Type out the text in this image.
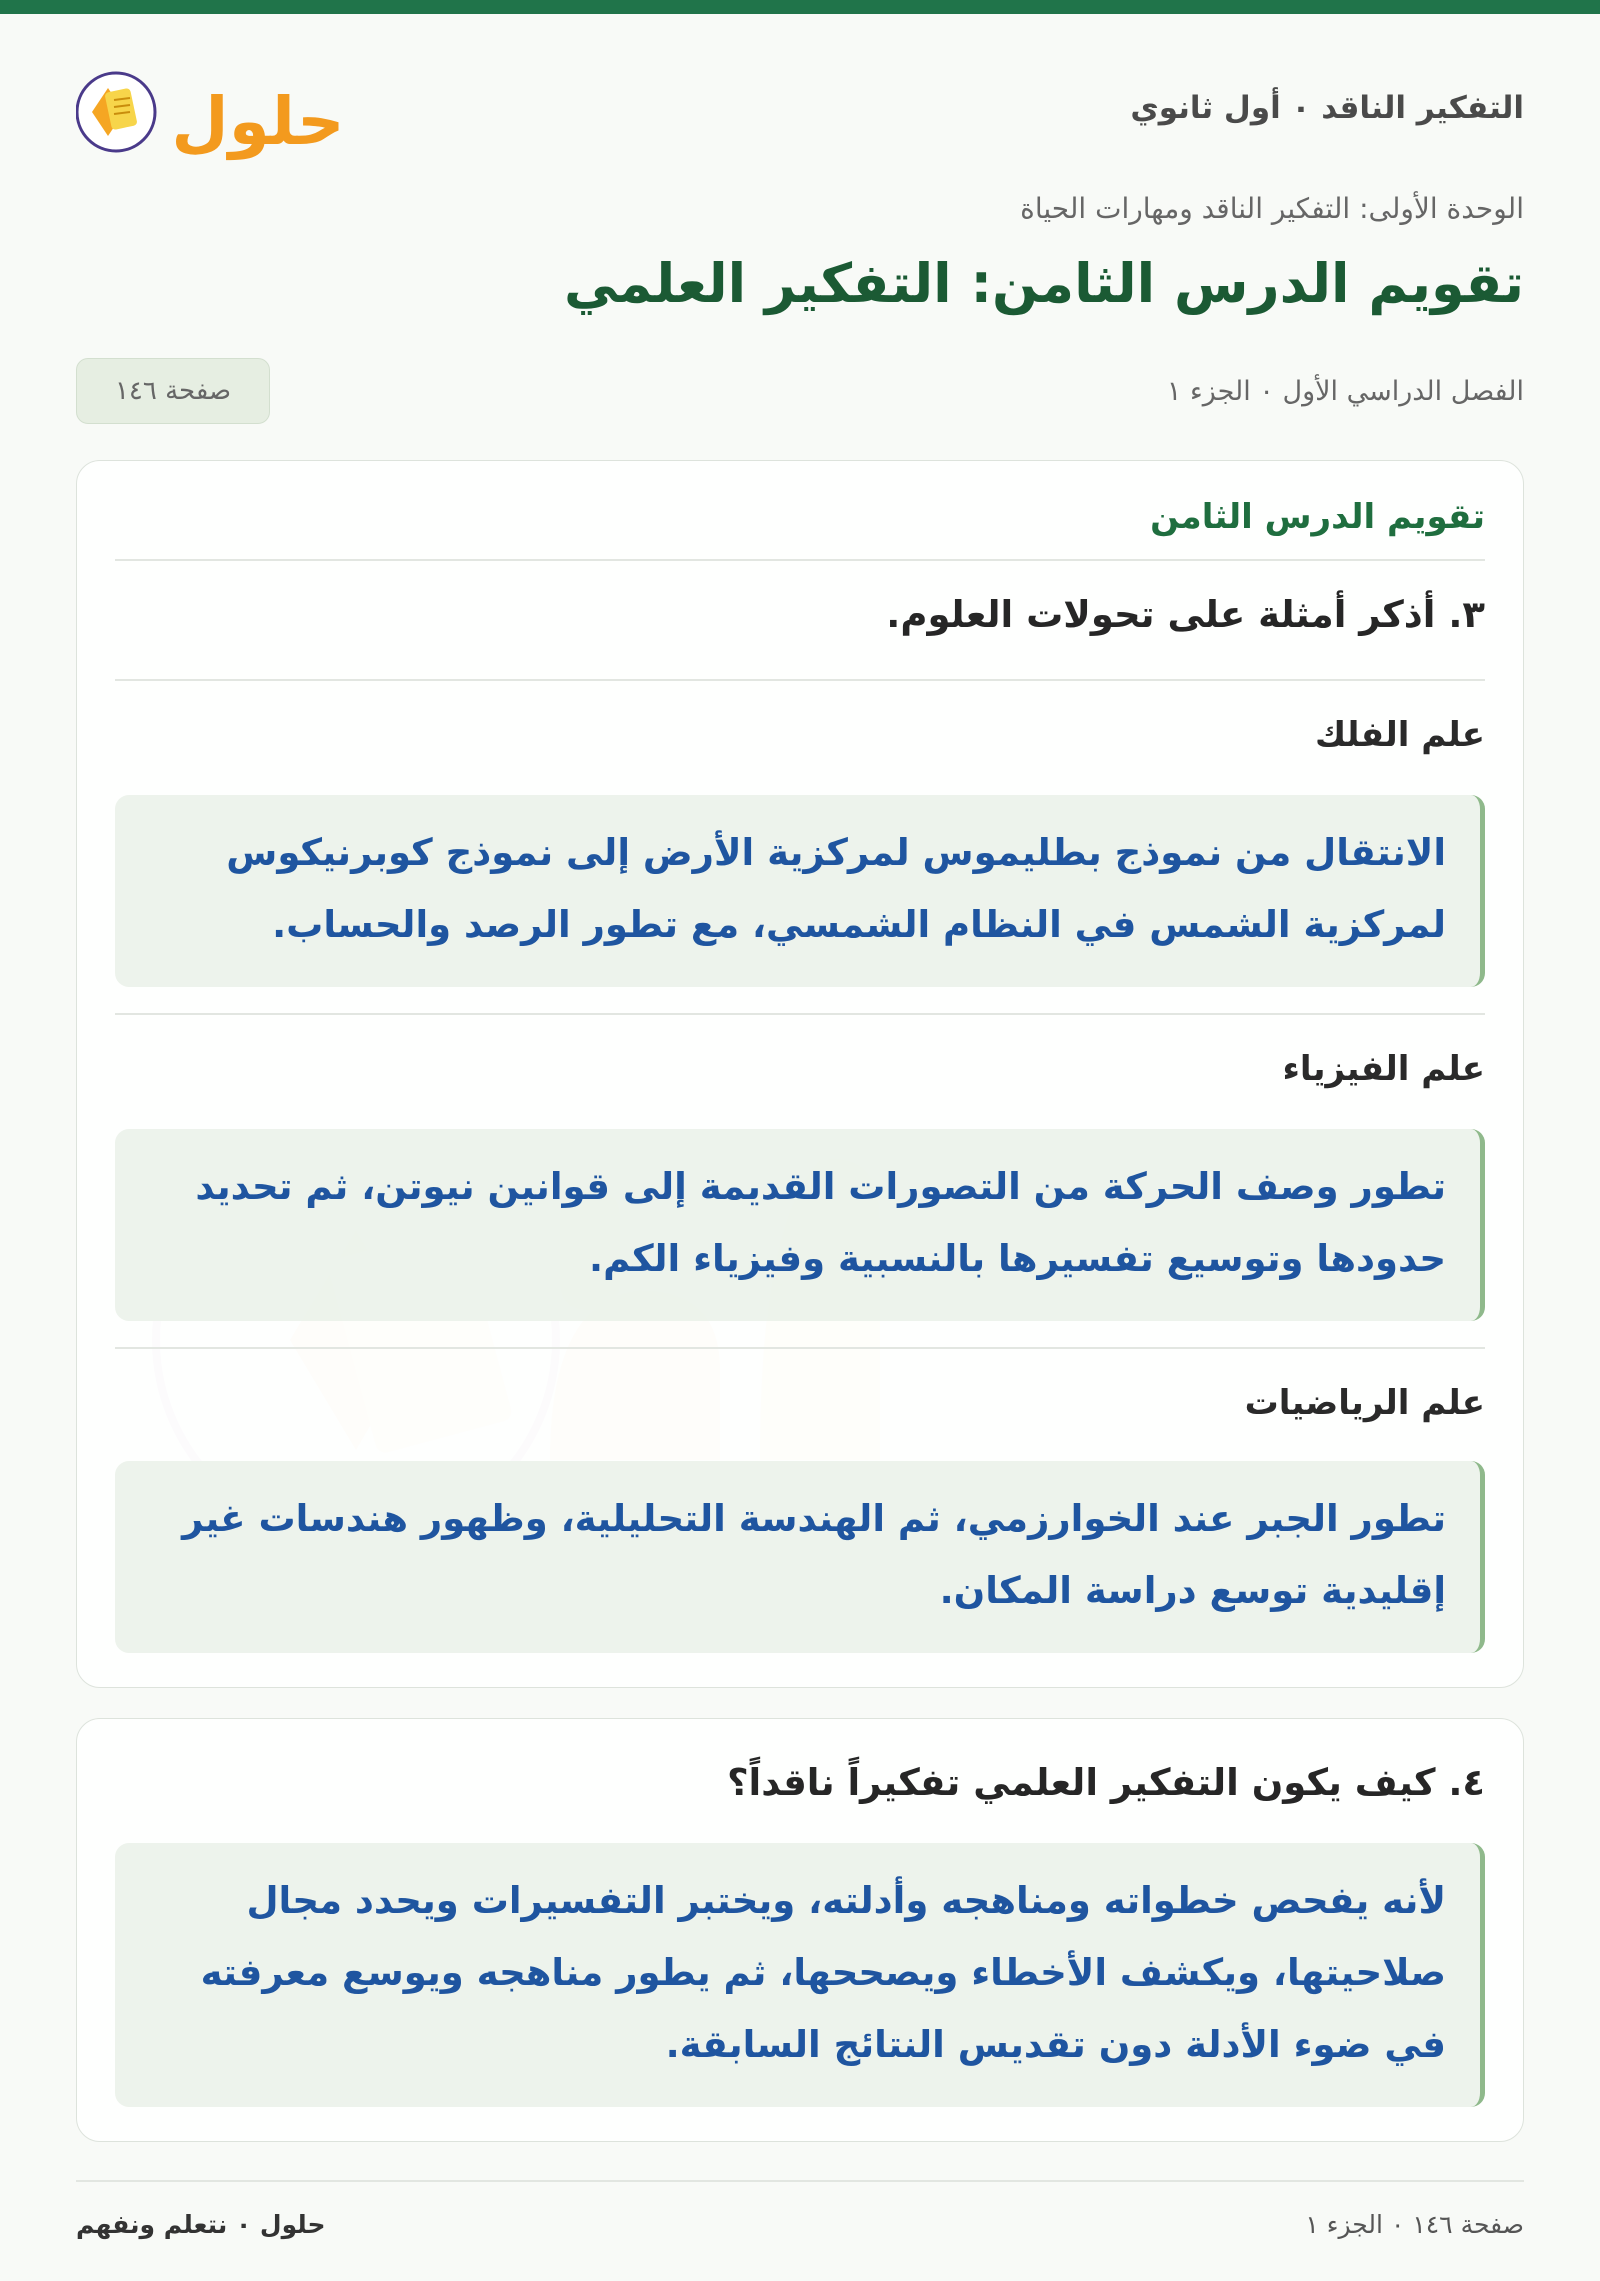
التفكير الناقد ٠ أول ثانوي
حلول
الوحدة الأولى: التفكير الناقد ومهارات الحياة
تقويم الدرس الثامن: التفكير العلمي
الفصل الدراسي الأول ٠ الجزء ١
صفحة ١٤٦
تقويم الدرس الثامن
٣. أذكر أمثلة على تحولات العلوم.
علم الفلك
الانتقال من نموذج بطليموس لمركزية الأرض إلى نموذج كوبرنيكوس لمركزية الشمس في النظام الشمسي، مع تطور الرصد والحساب.
علم الفيزياء
تطور وصف الحركة من التصورات القديمة إلى قوانين نيوتن، ثم تحديد حدودها وتوسيع تفسيرها بالنسبية وفيزياء الكم.
علم الرياضيات
تطور الجبر عند الخوارزمي، ثم الهندسة التحليلية، وظهور هندسات غير إقليدية توسع دراسة المكان.
٤. كيف يكون التفكير العلمي تفكيراً ناقداً؟
لأنه يفحص خطواته ومناهجه وأدلته، ويختبر التفسيرات ويحدد مجال صلاحيتها، ويكشف الأخطاء ويصححها، ثم يطور مناهجه ويوسع معرفته في ضوء الأدلة دون تقديس النتائج السابقة.
صفحة ١٤٦ ٠ الجزء ١
حلول ٠ نتعلم ونفهم
